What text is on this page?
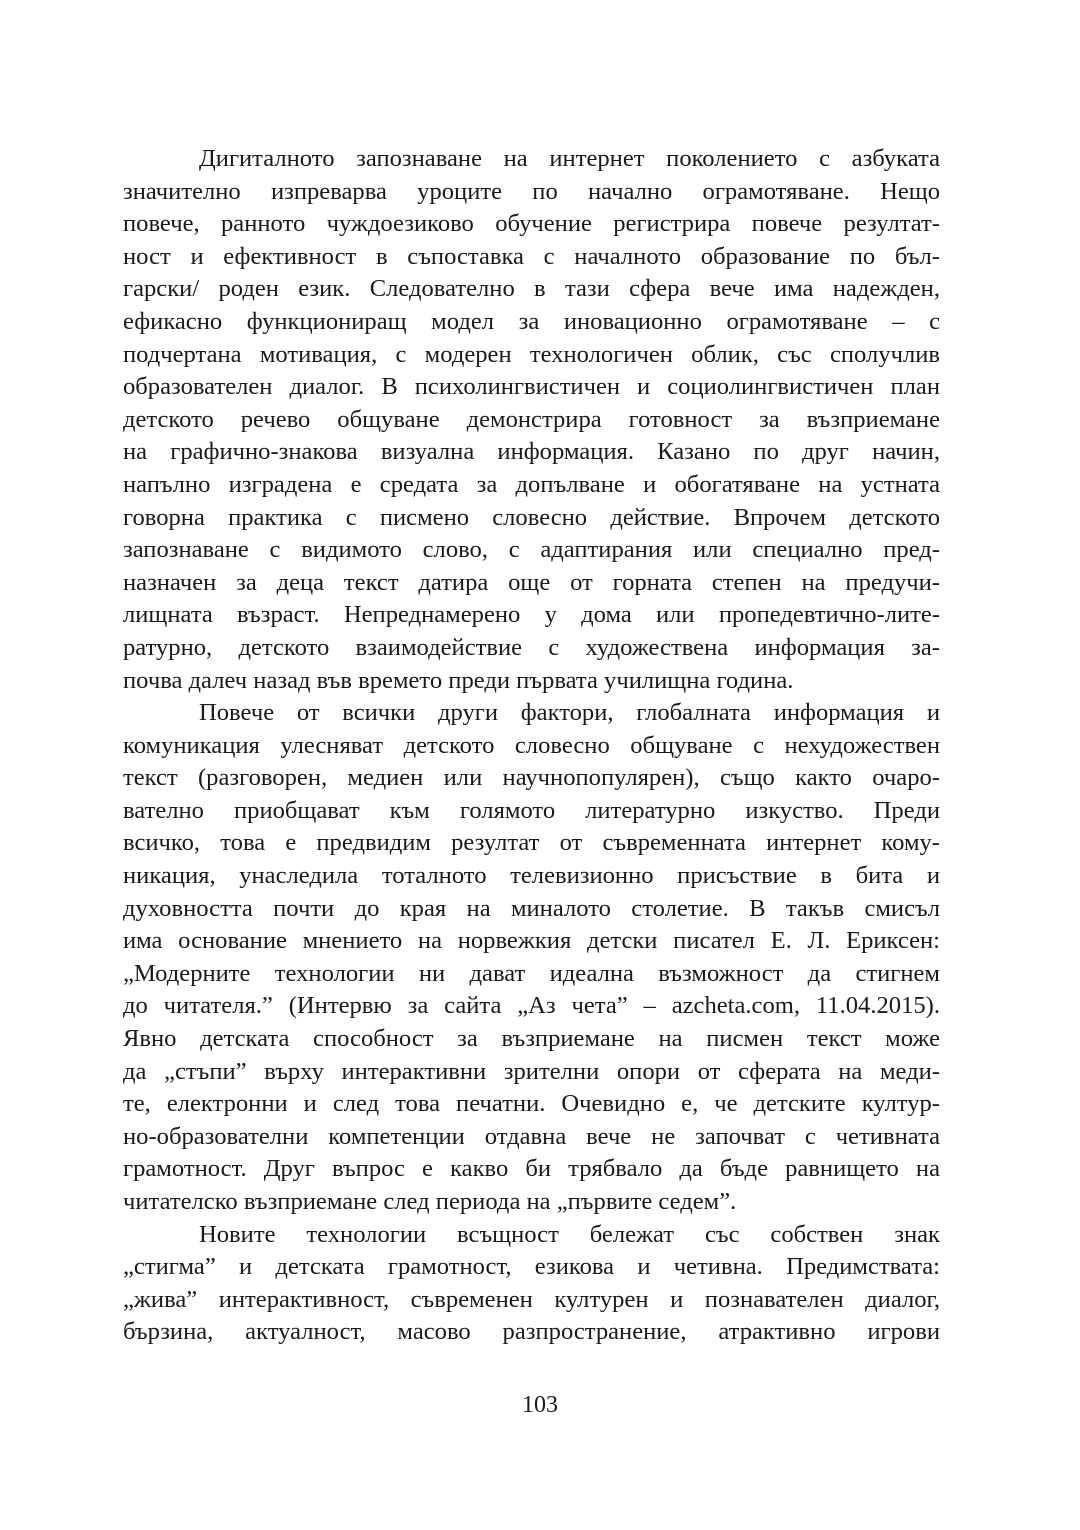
Дигиталното запознаване на интернет поколението с азбуката
значително изпреварва уроците по начално ограмотяване. Нещо
повече, ранното чуждоезиково обучение регистрира повече резултат-
ност и ефективност в съпоставка с началното образование по бъл-
гарски/ роден език. Следователно в тази сфера вече има надежден,
ефикасно функциониращ модел за иновационно ограмотяване – с
подчертана мотивация, с модерен технологичен облик, със сполучлив
образователен диалог. В психолингвистичен и социолингвистичен план
детското речево общуване демонстрира готовност за възприемане
на графично-знакова визуална информация. Казано по друг начин,
напълно изградена е средата за допълване и обогатяване на устната
говорна практика с писмено словесно действие. Впрочем детското
запознаване с видимото слово, с адаптирания или специално пред-
назначен за деца текст датира още от горната степен на предучи-
лищната възраст. Непреднамерено у дома или пропедевтично-лите-
ратурно, детското взаимодействие с художествена информация за-
почва далеч назад във времето преди първата училищна година.
Повече от всички други фактори, глобалната информация и
комуникация улесняват детското словесно общуване с нехудожествен
текст (разговорен, медиен или научнопопулярен), също както очаро-
вателно приобщават към голямото литературно изкуство. Преди
всичко, това е предвидим резултат от съвременната интернет кому-
никация, унаследила тоталното телевизионно присъствие в бита и
духовността почти до края на миналото столетие. В такъв смисъл
има основание мнението на норвежкия детски писател Е. Л. Ериксен:
„Модерните технологии ни дават идеална възможност да стигнем
до читателя.” (Интервю за сайта „Аз чета” – azcheta.com, 11.04.2015).
Явно детската способност за възприемане на писмен текст може
да „стъпи” върху интерактивни зрителни опори от сферата на меди-
те, електронни и след това печатни. Очевидно е, че детските култур-
но-образователни компетенции отдавна вече не започват с четивната
грамотност. Друг въпрос е какво би трябвало да бъде равнището на
читателско възприемане след периода на „първите седем”.
Новите технологии всъщност бележат със собствен знак
„стигма” и детската грамотност, езикова и четивна. Предимствата:
„жива” интерактивност, съвременен културен и познавателен диалог,
бързина, актуалност, масово разпространение, атрактивно игрови
103
